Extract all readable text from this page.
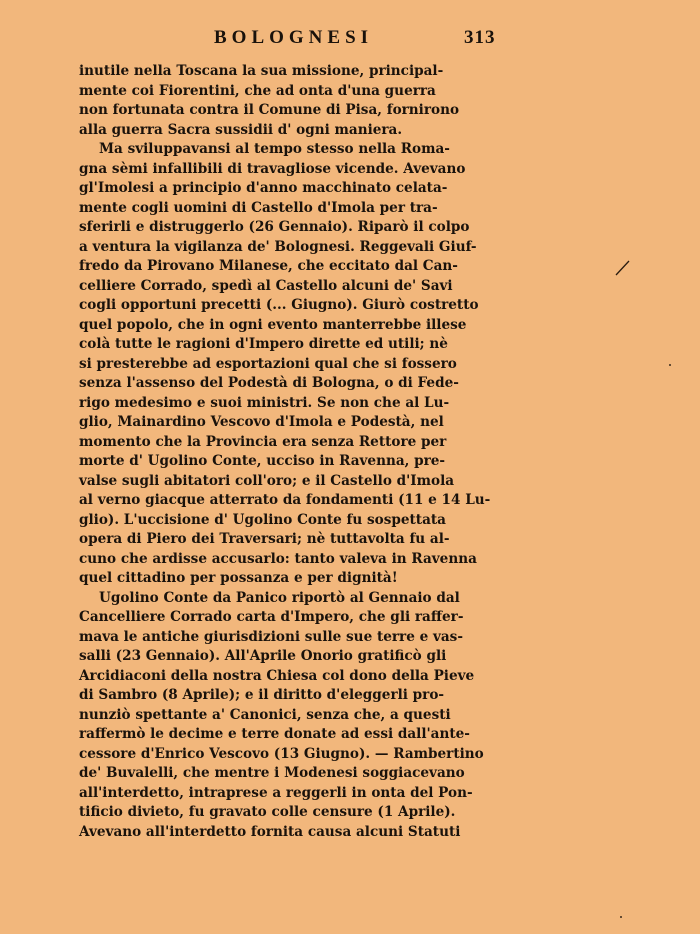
BOLOGNESI	313
inutile nella Toscana la sua missione, principal-
mente coi Fiorentini, che ad onta d'una guerra
non fortunata contra il Comune di Pisa, fornirono
alla guerra Sacra sussidii d' ogni maniera.
Ma sviluppavansi al tempo stesso nella Roma-
gna sèmi infallibili di travagliose vicende. Avevano
gl'Imolesi a principio d'anno macchinato celata-
mente cogli uomini di Castello d'Imola per tra-
sferirli e distruggerlo (26 Gennaio). Riparò il colpo
a ventura la vigilanza de' Bolognesi. Reggevali Giuf-
fredo da Pirovano Milanese, che eccitato dal Can-
celliere Corrado, spedì al Castello alcuni de' Savi
cogli opportuni precetti (... Giugno). Giurò costretto
quel popolo, che in ogni evento manterrebbe illese
colà tutte le ragioni d'Impero dirette ed utili; nè
si presterebbe ad esportazioni qual che si fossero
senza l'assenso del Podestà di Bologna, o di Fede-
rigo medesimo e suoi ministri. Se non che al Lu-
glio, Mainardino Vescovo d'Imola e Podestà, nel
momento che la Provincia era senza Rettore per
morte d' Ugolino Conte, ucciso in Ravenna, pre-
valse sugli abitatori coll'oro; e il Castello d'Imola
al verno giacque atterrato da fondamenti (11 e 14 Lu-
glio). L'uccisione d' Ugolino Conte fu sospettata
opera di Piero dei Traversari; nè tuttavolta fu al-
cuno che ardisse accusarlo: tanto valeva in Ravenna
quel cittadino per possanza e per dignità!
Ugolino Conte da Panico riportò al Gennaio dal
Cancelliere Corrado carta d'Impero, che gli raffer-
mava le antiche giurisdizioni sulle sue terre e vas-
salli (23 Gennaio). All'Aprile Onorio gratificò gli
Arcidiaconi della nostra Chiesa col dono della Pieve
di Sambro (8 Aprile); e il diritto d'eleggerli pro-
nunziò spettante a' Canonici, senza che, a questi
raffermò le decime e terre donate ad essi dall'ante-
cessore d'Enrico Vescovo (13 Giugno). — Rambertino
de' Buvalelli, che mentre i Modenesi soggiacevano
all'interdetto, intraprese a reggerli in onta del Pon-
tificio divieto, fu gravato colle censure (1 Aprile).
Avevano all'interdetto fornita causa alcuni Statuti
